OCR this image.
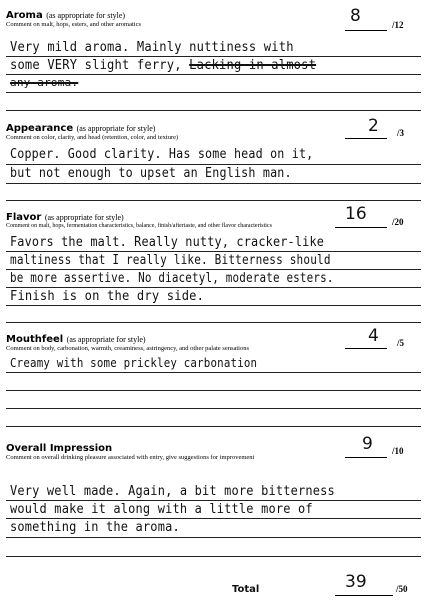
Aroma (as appropriate for style)
Comment on malt, hops, esters, and other aromatics	8	/12
Very mild aroma. Mainly nuttiness with
some VERY slight ferry, Lacking in almost
any aroma.
Appearance (as appropriate for style)
Comment on color, clarity, and head (retention, color, and texture)
2 /3
Copper. Good clarity. Has some head on it,
but not enough to upset an English man.
Flavor (as appropriate for style)
Comment on malt, hops, fermentation characteristics, balance, finish/aftertaste, and other flavor characteristics
16	/20
Favors the malt. Really nutty, cracker-like
maltiness that I really like. Bitterness should
be more assertive. No diacetyl, moderate esters.
Finish is on the dry side.
Mouthfeel (as appropriate for style)
Comment on body, carbonation, warmth, creaminess, astringency, and other palate sensations
4 /5
Creamy with some prickley carbonation
Overall Impression
Comment on overall drinking pleasure associated with entry, give suggestions for improvement
9 /10
Very well made. Again, a bit more bitterness
would make it along with a little more of
something in the aroma.
Total	39	/50
